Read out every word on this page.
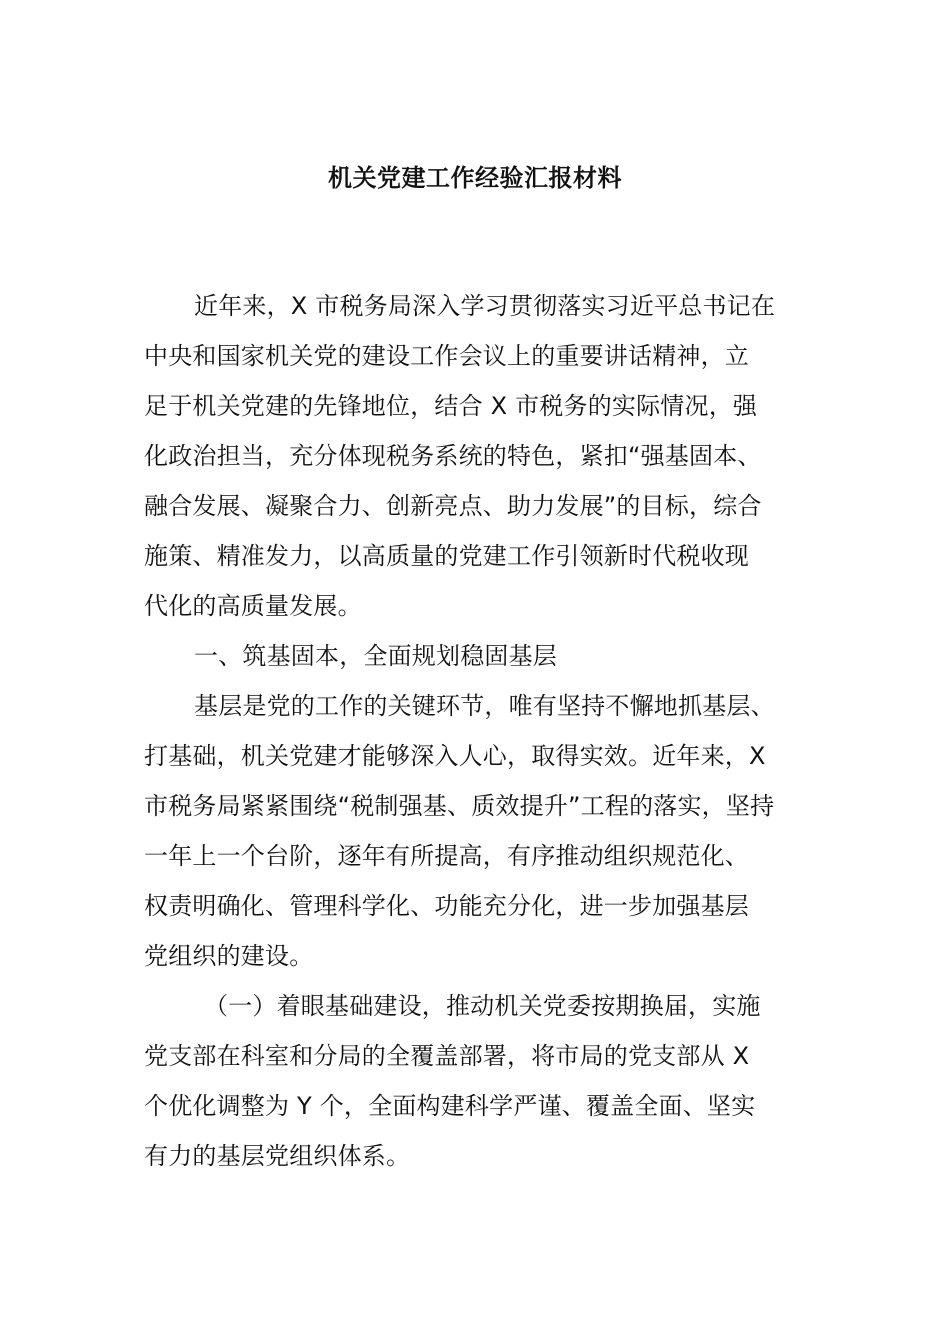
机关党建工作经验汇报材料
近年来，X 市税务局深入学习贯彻落实习近平总书记在
中央和国家机关党的建设工作会议上的重要讲话精神，立
足于机关党建的先锋地位，结合 X 市税务的实际情况，强
化政治担当，充分体现税务系统的特色，紧扣“强基固本、
融合发展、凝聚合力、创新亮点、助力发展”的目标，综合
施策、精准发力，以高质量的党建工作引领新时代税收现
代化的高质量发展。
一、筑基固本，全面规划稳固基层
基层是党的工作的关键环节，唯有坚持不懈地抓基层、
打基础，机关党建才能够深入人心，取得实效。近年来，X
市税务局紧紧围绕“税制强基、质效提升”工程的落实，坚持
一年上一个台阶，逐年有所提高，有序推动组织规范化、
权责明确化、管理科学化、功能充分化，进一步加强基层
党组织的建设。
（一）着眼基础建设，推动机关党委按期换届，实施
党支部在科室和分局的全覆盖部署，将市局的党支部从 X
个优化调整为 Y 个，全面构建科学严谨、覆盖全面、坚实
有力的基层党组织体系。
